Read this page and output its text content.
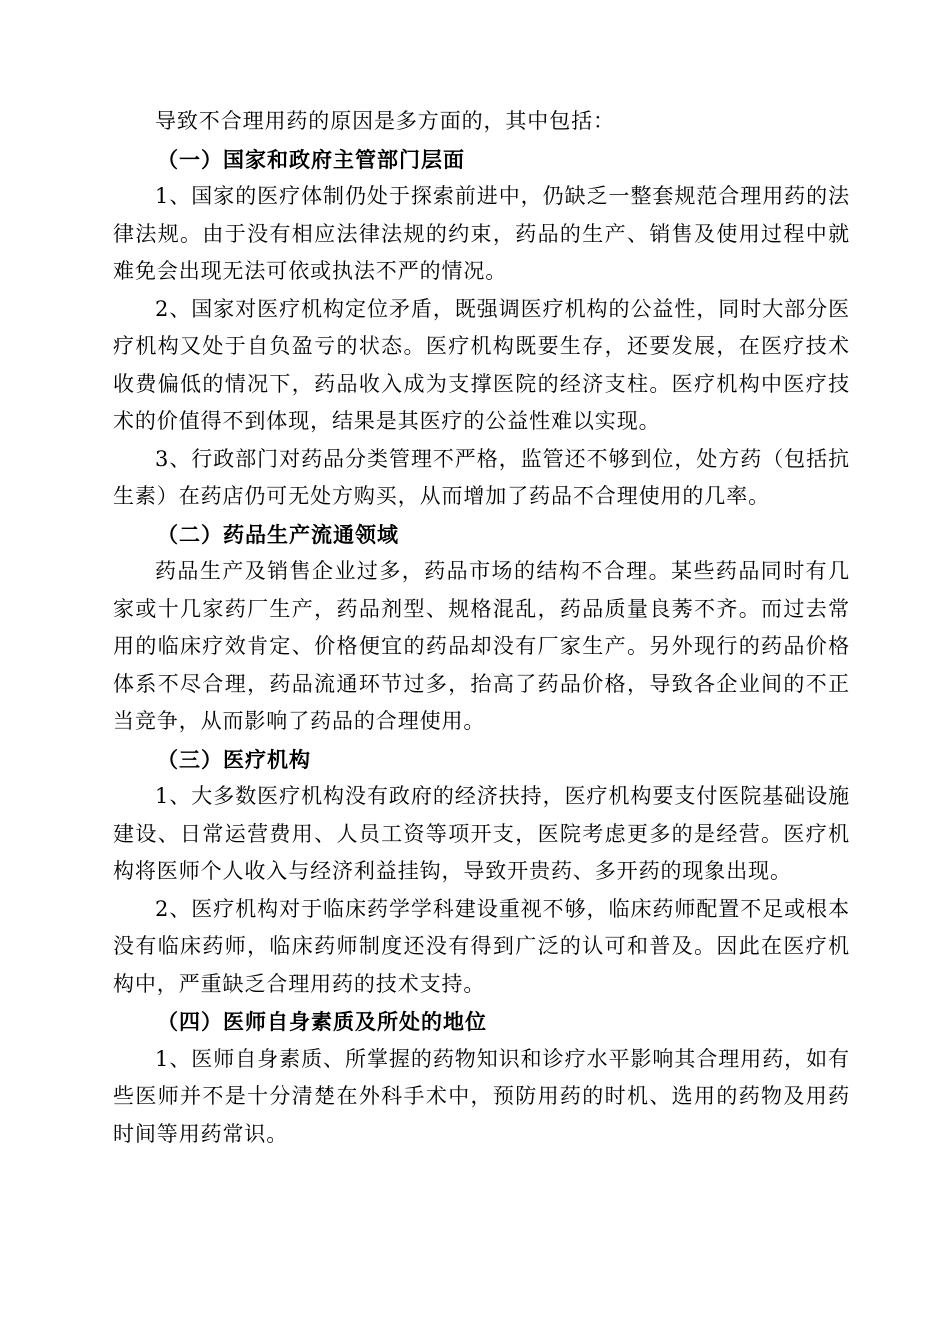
导致不合理用药的原因是多方面的，其中包括：

（一）国家和政府主管部门层面

1、国家的医疗体制仍处于探索前进中，仍缺乏一整套规范合理用药的法律法规。由于没有相应法律法规的约束，药品的生产、销售及使用过程中就难免会出现无法可依或执法不严的情况。

2、国家对医疗机构定位矛盾，既强调医疗机构的公益性，同时大部分医疗机构又处于自负盈亏的状态。医疗机构既要生存，还要发展，在医疗技术收费偏低的情况下，药品收入成为支撑医院的经济支柱。医疗机构中医疗技术的价值得不到体现，结果是其医疗的公益性难以实现。

3、行政部门对药品分类管理不严格，监管还不够到位，处方药（包括抗生素）在药店仍可无处方购买，从而增加了药品不合理使用的几率。

（二）药品生产流通领域

药品生产及销售企业过多，药品市场的结构不合理。某些药品同时有几家或十几家药厂生产，药品剂型、规格混乱，药品质量良莠不齐。而过去常用的临床疗效肯定、价格便宜的药品却没有厂家生产。另外现行的药品价格体系不尽合理，药品流通环节过多，抬高了药品价格，导致各企业间的不正当竞争，从而影响了药品的合理使用。

（三）医疗机构

1、大多数医疗机构没有政府的经济扶持，医疗机构要支付医院基础设施建设、日常运营费用、人员工资等项开支，医院考虑更多的是经营。医疗机构将医师个人收入与经济利益挂钩，导致开贵药、多开药的现象出现。

2、医疗机构对于临床药学学科建设重视不够，临床药师配置不足或根本没有临床药师，临床药师制度还没有得到广泛的认可和普及。因此在医疗机构中，严重缺乏合理用药的技术支持。

（四）医师自身素质及所处的地位

1、医师自身素质、所掌握的药物知识和诊疗水平影响其合理用药，如有些医师并不是十分清楚在外科手术中，预防用药的时机、选用的药物及用药时间等用药常识。
